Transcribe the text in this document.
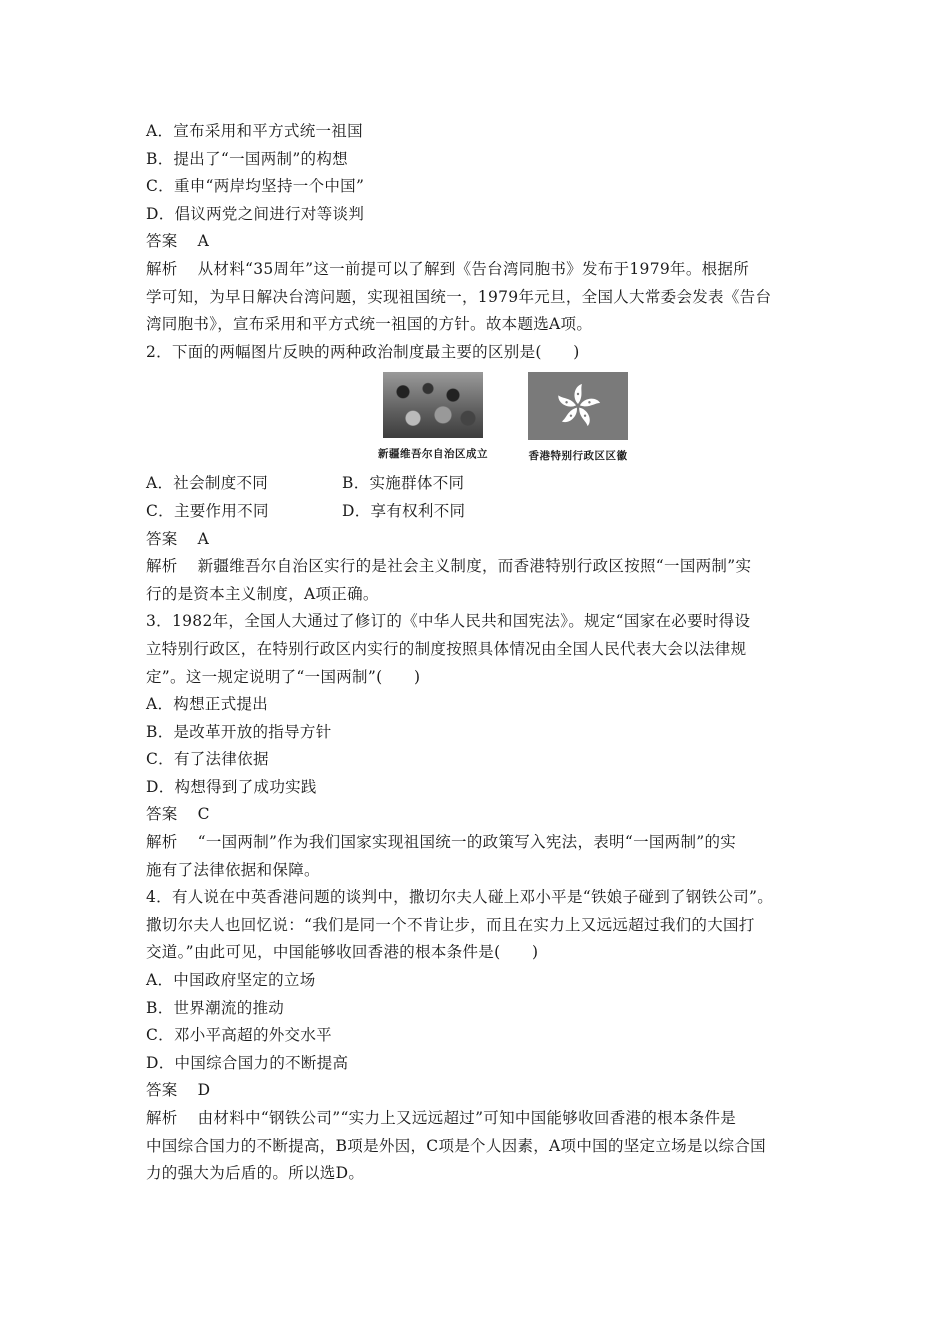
A．宣布采用和平方式统一祖国
B．提出了“一国两制”的构想
C．重申“两岸均坚持一个中国”
D．倡议两党之间进行对等谈判
答案 A
解析 从材料“35周年”这一前提可以了解到《告台湾同胞书》发布于1979年。根据所
学可知，为早日解决台湾问题，实现祖国统一，1979年元旦，全国人大常委会发表《告台
湾同胞书》，宣布采用和平方式统一祖国的方针。故本题选A项。
2．下面的两幅图片反映的两种政治制度最主要的区别是(　　)
新疆维吾尔自治区成立	香港特别行政区区徽
A．社会制度不同	B．实施群体不同
C．主要作用不同	D．享有权利不同
答案 A
解析 新疆维吾尔自治区实行的是社会主义制度，而香港特别行政区按照“一国两制”实
行的是资本主义制度，A项正确。
3．1982年，全国人大通过了修订的《中华人民共和国宪法》。规定“国家在必要时得设
立特别行政区，在特别行政区内实行的制度按照具体情况由全国人民代表大会以法律规
定”。这一规定说明了“一国两制”(　　)
A．构想正式提出
B．是改革开放的指导方针
C．有了法律依据
D．构想得到了成功实践
答案 C
解析 “一国两制”作为我们国家实现祖国统一的政策写入宪法，表明“一国两制”的实
施有了法律依据和保障。
4．有人说在中英香港问题的谈判中，撒切尔夫人碰上邓小平是“铁娘子碰到了钢铁公司”。
撒切尔夫人也回忆说：“我们是同一个不肯让步，而且在实力上又远远超过我们的大国打
交道。”由此可见，中国能够收回香港的根本条件是(　　)
A．中国政府坚定的立场
B．世界潮流的推动
C．邓小平高超的外交水平
D．中国综合国力的不断提高
答案 D
解析 由材料中“钢铁公司”“实力上又远远超过”可知中国能够收回香港的根本条件是
中国综合国力的不断提高，B项是外因，C项是个人因素，A项中国的坚定立场是以综合国
力的强大为后盾的。所以选D。
